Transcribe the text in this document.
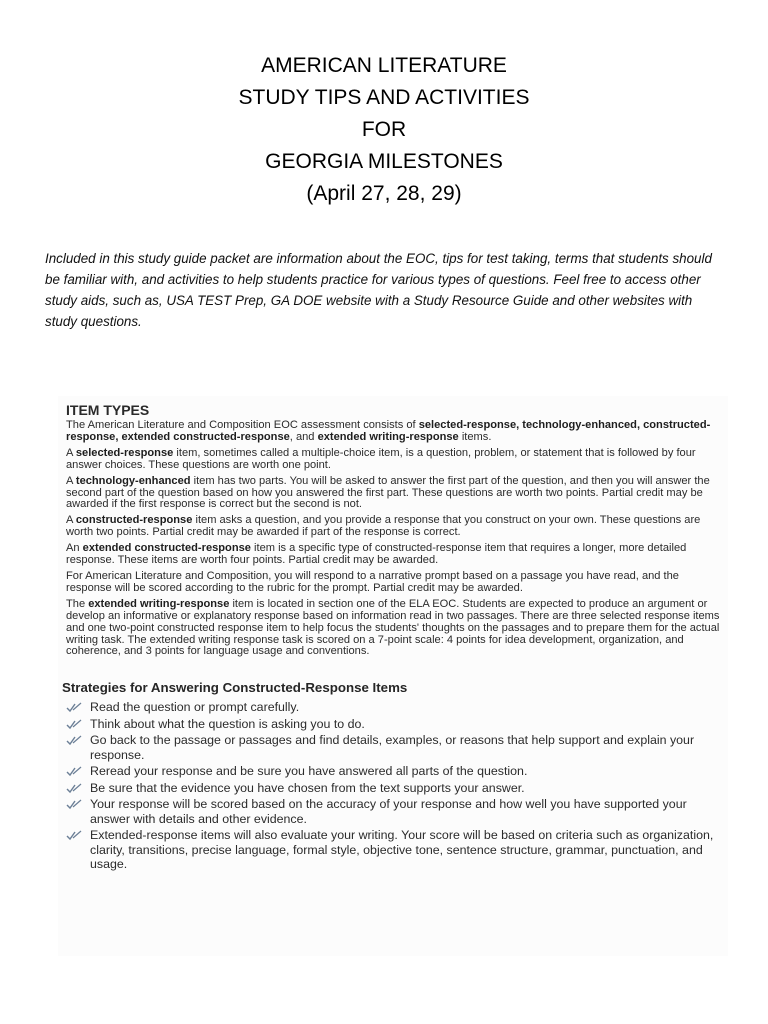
AMERICAN LITERATURE
STUDY TIPS AND ACTIVITIES
FOR
GEORGIA MILESTONES
(April 27, 28, 29)

Included in this study guide packet are information about the EOC, tips for test taking, terms that students should be familiar with, and activities to help students practice for various types of questions. Feel free to access other study aids, such as, USA TEST Prep, GA DOE website with a Study Resource Guide and other websites with study questions.

ITEM TYPES

The American Literature and Composition EOC assessment consists of selected-response, technology-enhanced, constructed-response, extended constructed-response, and extended writing-response items.

A selected-response item, sometimes called a multiple-choice item, is a question, problem, or statement that is followed by four answer choices. These questions are worth one point.

A technology-enhanced item has two parts. You will be asked to answer the first part of the question, and then you will answer the second part of the question based on how you answered the first part. These questions are worth two points. Partial credit may be awarded if the first response is correct but the second is not.

A constructed-response item asks a question, and you provide a response that you construct on your own. These questions are worth two points. Partial credit may be awarded if part of the response is correct.

An extended constructed-response item is a specific type of constructed-response item that requires a longer, more detailed response. These items are worth four points. Partial credit may be awarded.

For American Literature and Composition, you will respond to a narrative prompt based on a passage you have read, and the response will be scored according to the rubric for the prompt. Partial credit may be awarded.

The extended writing-response item is located in section one of the ELA EOC. Students are expected to produce an argument or develop an informative or explanatory response based on information read in two passages. There are three selected response items and one two-point constructed response item to help focus the students' thoughts on the passages and to prepare them for the actual writing task. The extended writing response task is scored on a 7-point scale: 4 points for idea development, organization, and coherence, and 3 points for language usage and conventions.

Strategies for Answering Constructed-Response Items
Read the question or prompt carefully.
Think about what the question is asking you to do.
Go back to the passage or passages and find details, examples, or reasons that help support and explain your response.
Reread your response and be sure you have answered all parts of the question.
Be sure that the evidence you have chosen from the text supports your answer.
Your response will be scored based on the accuracy of your response and how well you have supported your answer with details and other evidence.
Extended-response items will also evaluate your writing. Your score will be based on criteria such as organization, clarity, transitions, precise language, formal style, objective tone, sentence structure, grammar, punctuation, and usage.
